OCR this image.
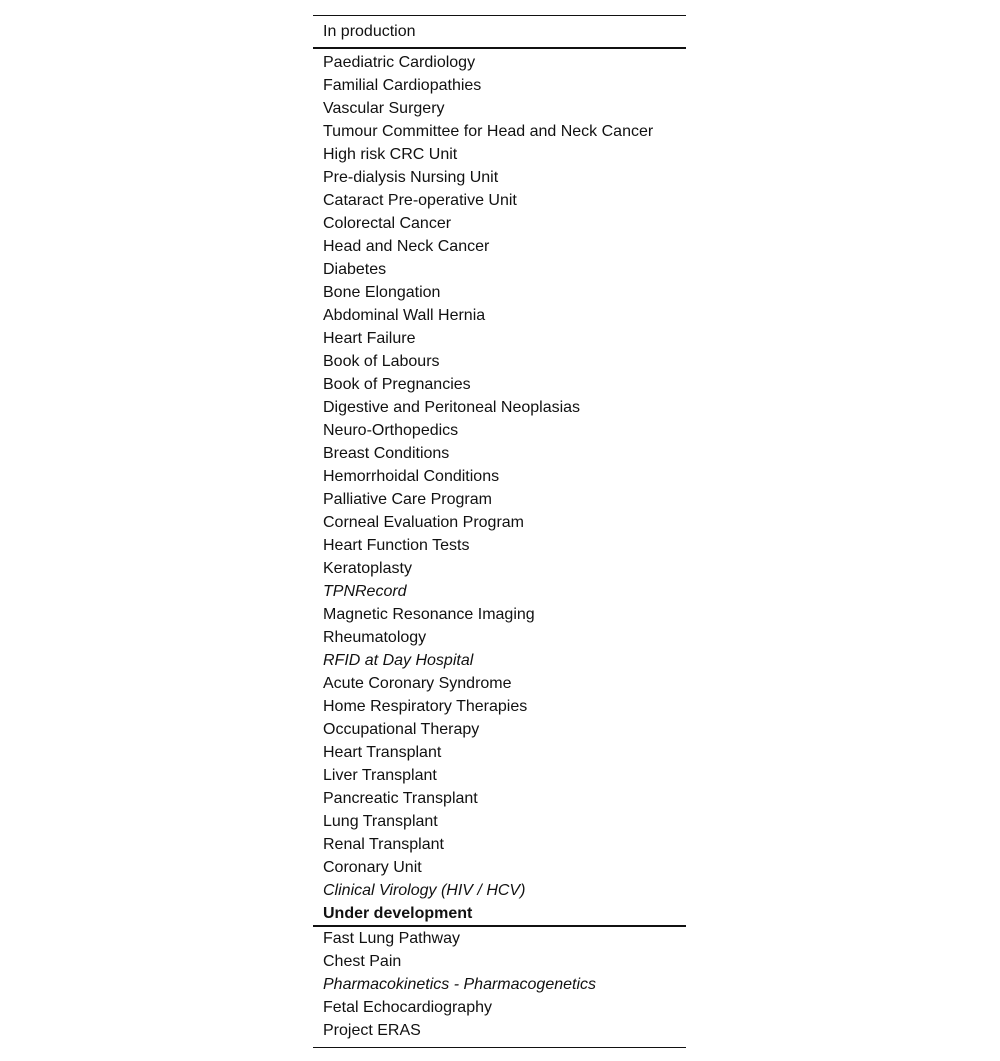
In production
Paediatric Cardiology
Familial Cardiopathies
Vascular Surgery
Tumour Committee for Head and Neck Cancer
High risk CRC Unit
Pre-dialysis Nursing Unit
Cataract Pre-operative Unit
Colorectal Cancer
Head and Neck Cancer
Diabetes
Bone Elongation
Abdominal Wall Hernia
Heart Failure
Book of Labours
Book of Pregnancies
Digestive and Peritoneal Neoplasias
Neuro-Orthopedics
Breast Conditions
Hemorrhoidal Conditions
Palliative Care Program
Corneal Evaluation Program
Heart Function Tests
Keratoplasty
TPNRecord
Magnetic Resonance Imaging
Rheumatology
RFID at Day Hospital
Acute Coronary Syndrome
Home Respiratory Therapies
Occupational Therapy
Heart Transplant
Liver Transplant
Pancreatic Transplant
Lung Transplant
Renal Transplant
Coronary Unit
Clinical Virology (HIV / HCV)
Under development
Fast Lung Pathway
Chest Pain
Pharmacokinetics - Pharmacogenetics
Fetal Echocardiography
Project ERAS
